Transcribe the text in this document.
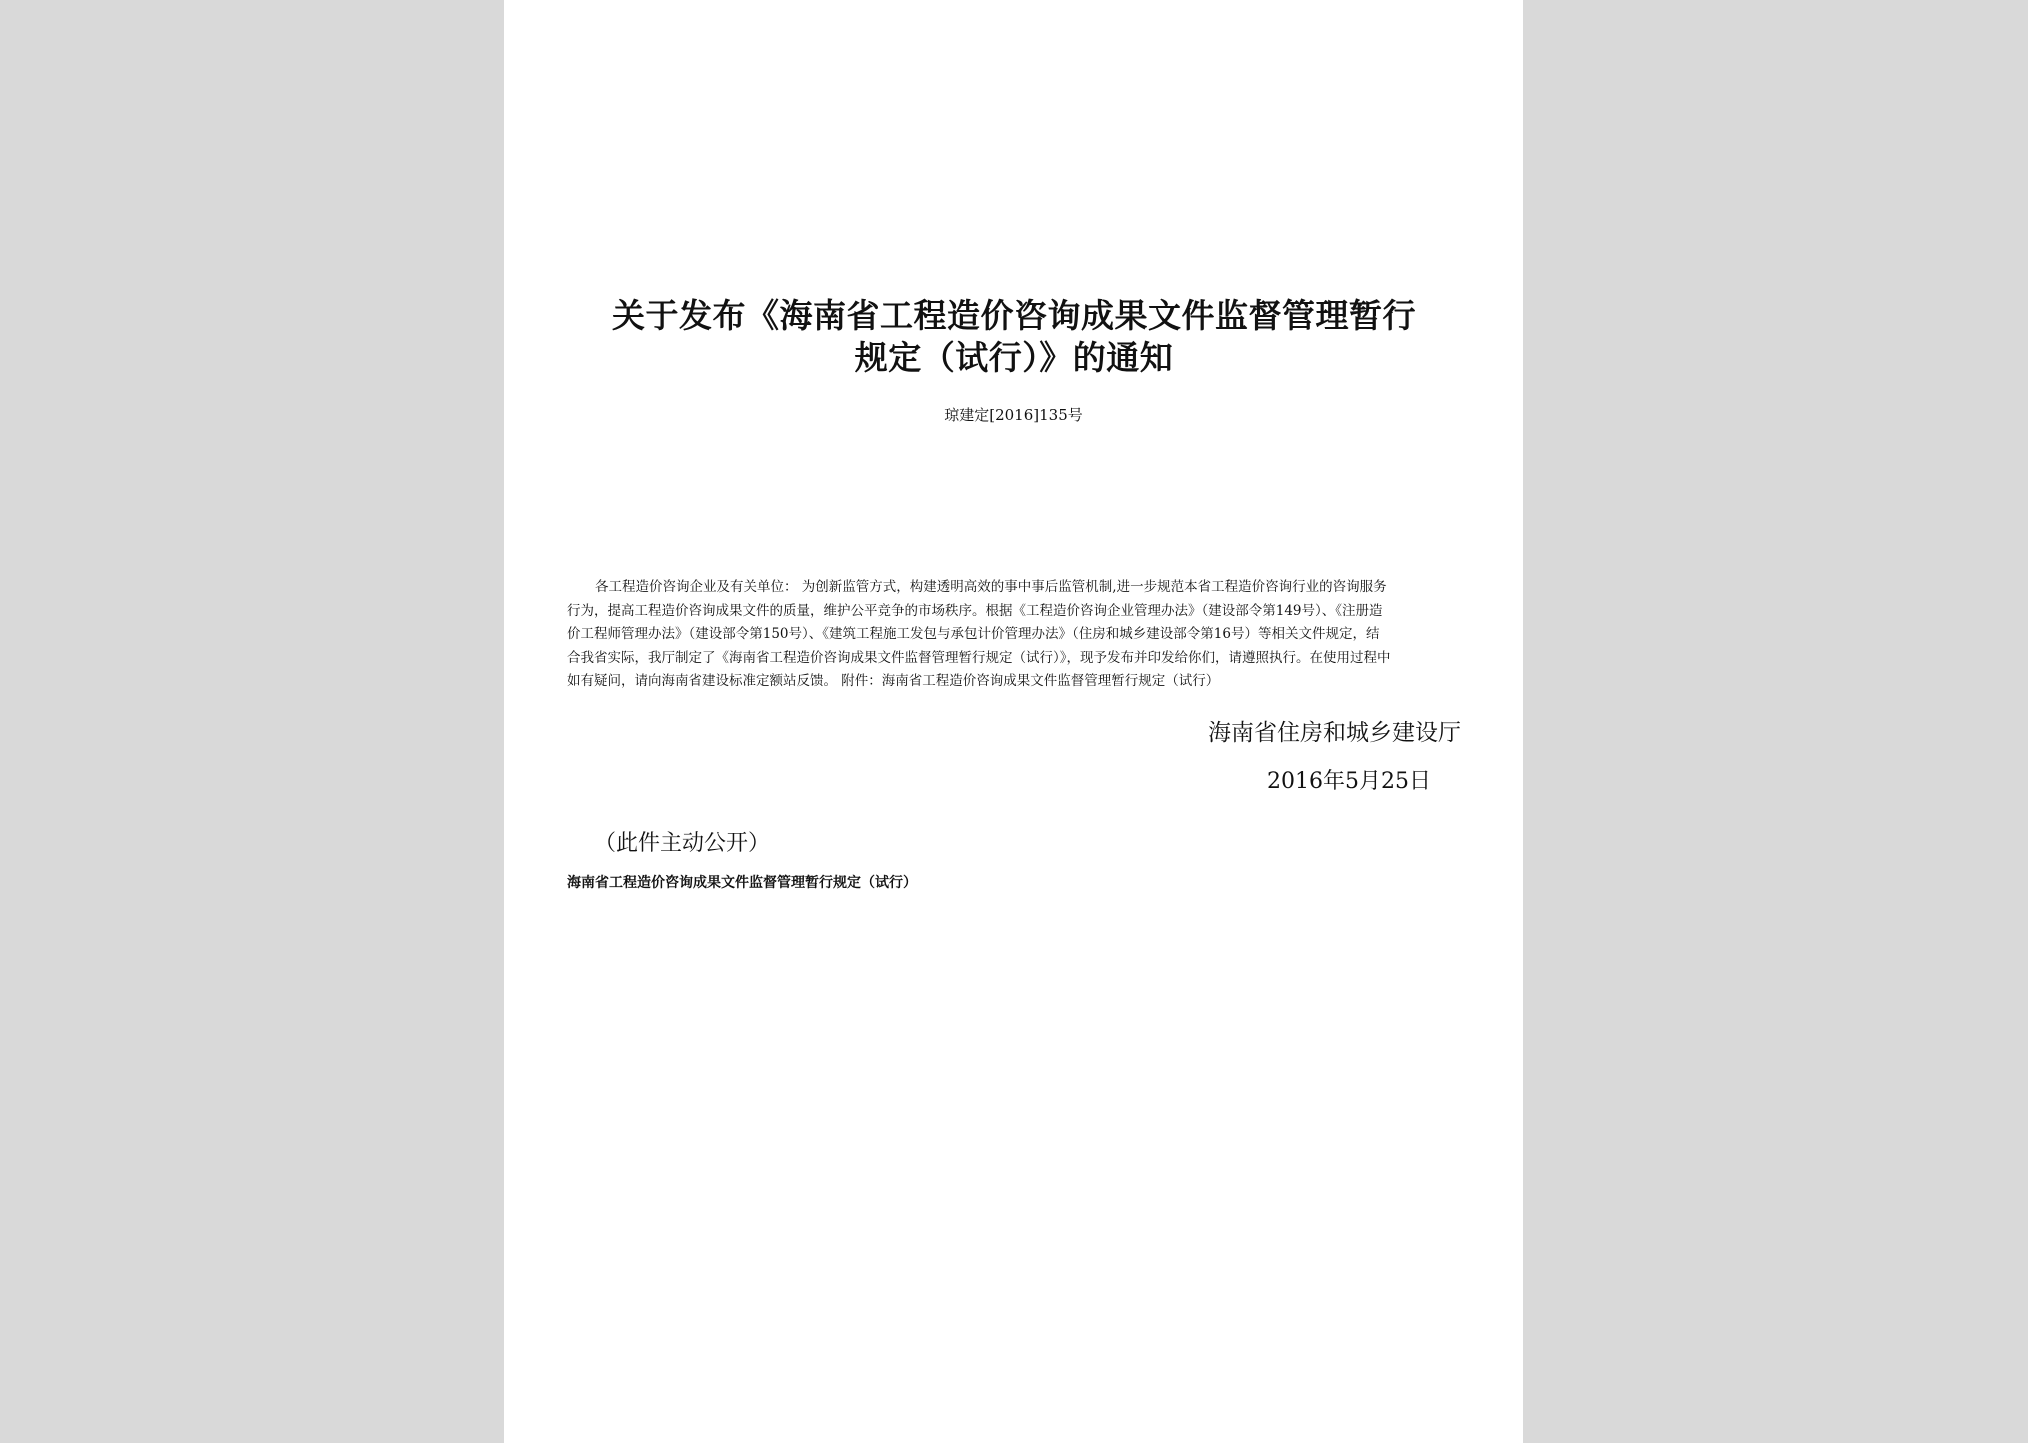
关于发布《海南省工程造价咨询成果文件监督管理暂行
规定（试行）》的通知
琼建定[2016]135号
各工程造价咨询企业及有关单位： 为创新监管方式，构建透明高效的事中事后监管机制,进一步规范本省工程造价咨询行业的咨询服务
行为，提高工程造价咨询成果文件的质量，维护公平竞争的市场秩序。根据《工程造价咨询企业管理办法》（建设部令第149号）、《注册造
价工程师管理办法》（建设部令第150号）、《建筑工程施工发包与承包计价管理办法》（住房和城乡建设部令第16号）等相关文件规定，结
合我省实际，我厅制定了《海南省工程造价咨询成果文件监督管理暂行规定（试行）》，现予发布并印发给你们，请遵照执行。在使用过程中
如有疑问，请向海南省建设标准定额站反馈。 附件：海南省工程造价咨询成果文件监督管理暂行规定（试行）
海南省住房和城乡建设厅
2016年5月25日
（此件主动公开）
海南省工程造价咨询成果文件监督管理暂行规定（试行）
